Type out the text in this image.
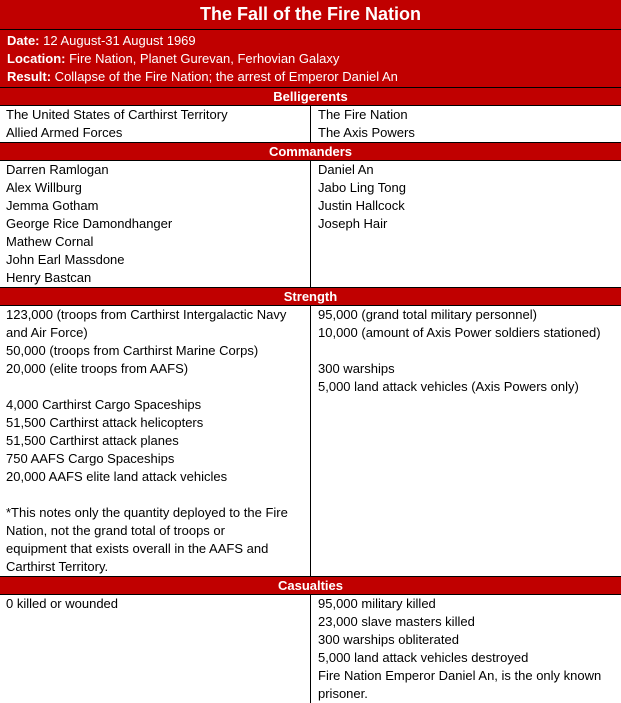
The Fall of the Fire Nation
Date: 12 August-31 August 1969
Location: Fire Nation, Planet Gurevan, Ferhovian Galaxy
Result: Collapse of the Fire Nation; the arrest of Emperor Daniel An
Belligerents
The United States of Carthirst Territory
Allied Armed Forces
The Fire Nation
The Axis Powers
Commanders
Darren Ramlogan
Alex Willburg
Jemma Gotham
George Rice Damondhanger
Mathew Cornal
John Earl Massdone
Henry Bastcan
Daniel An
Jabo Ling Tong
Justin Hallcock
Joseph Hair
Strength
123,000 (troops from Carthirst Intergalactic Navy
and Air Force)
50,000 (troops from Carthirst Marine Corps)
20,000 (elite troops from AAFS)
4,000 Carthirst Cargo Spaceships
51,500 Carthirst attack helicopters
51,500 Carthirst attack planes
750 AAFS Cargo Spaceships
20,000 AAFS elite land attack vehicles
*This notes only the quantity deployed to the Fire
Nation, not the grand total of troops or
equipment that exists overall in the AAFS and
Carthirst Territory.
95,000 (grand total military personnel)
10,000 (amount of Axis Power soldiers stationed)
300 warships
5,000 land attack vehicles (Axis Powers only)
Casualties
0 killed or wounded	95,000 military killed
23,000 slave masters killed
300 warships obliterated
5,000 land attack vehicles destroyed
Fire Nation Emperor Daniel An, is the only known
prisoner.
